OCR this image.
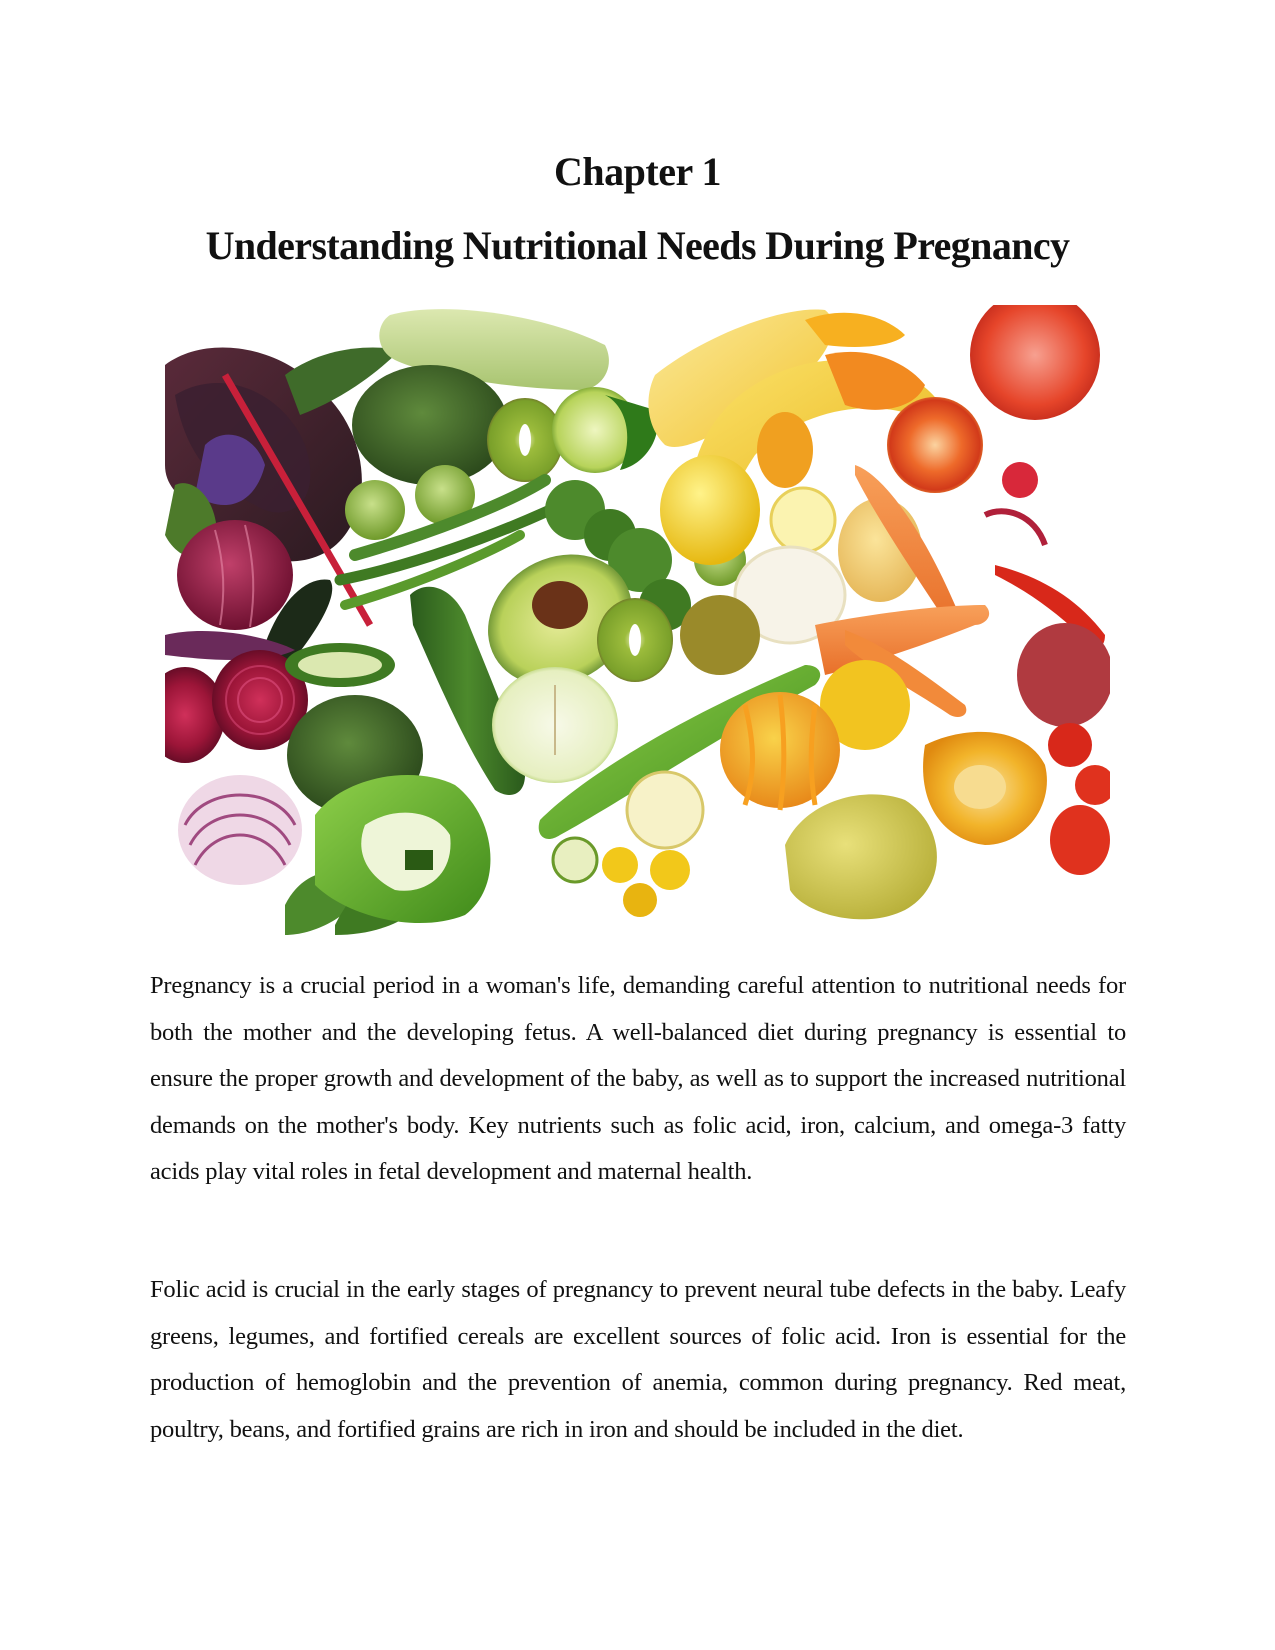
Chapter 1
Understanding Nutritional Needs During Pregnancy

Pregnancy is a crucial period in a woman's life, demanding careful attention to nutritional needs for both the mother and the developing fetus. A well-balanced diet during pregnancy is essential to ensure the proper growth and development of the baby, as well as to support the increased nutritional demands on the mother's body. Key nutrients such as folic acid, iron, calcium, and omega-3 fatty acids play vital roles in fetal development and maternal health.

Folic acid is crucial in the early stages of pregnancy to prevent neural tube defects in the baby. Leafy greens, legumes, and fortified cereals are excellent sources of folic acid. Iron is essential for the production of hemoglobin and the prevention of anemia, common during pregnancy. Red meat, poultry, beans, and fortified grains are rich in iron and should be included in the diet.
